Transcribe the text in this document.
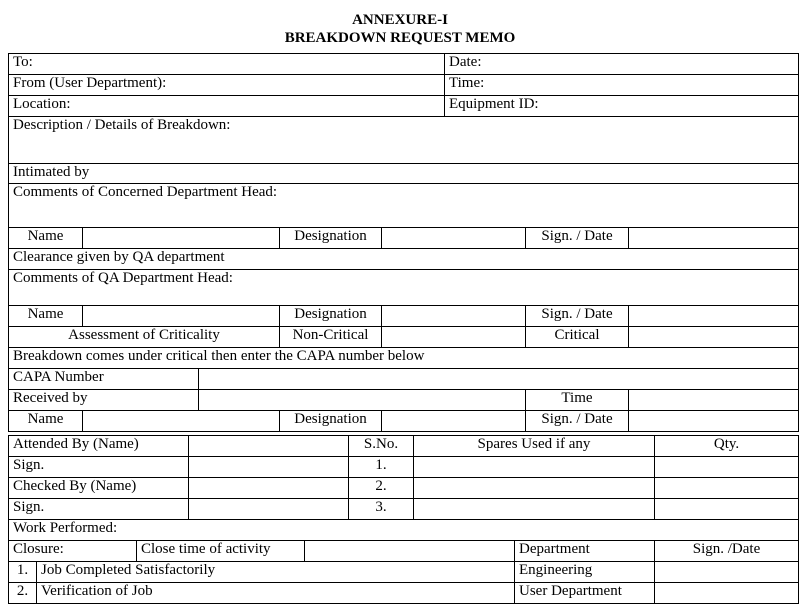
ANNEXURE-I
BREAKDOWN REQUEST MEMO
To:	Date:
From (User Department):	Time:
Location:	Equipment ID:
Description / Details of Breakdown:						
Intimated by						
Comments of Concerned Department Head:						
Name			Designation		Sign. / Date	
Clearance given by QA department						
Comments of QA Department Head:						
Name			Designation		Sign. / Date	
Assessment of Criticality			Non-Critical		Critical	
Breakdown comes under critical then enter the CAPA number below						
CAPA Number						
Received by					Time	
Name			Designation		Sign. / Date	
Attended By (Name)		S.No.	Spares Used if any	Qty.
Sign.		1.		
Checked By (Name)		2.		
Sign.		3.		
Work Performed:				
Closure:		Close time of activity		Department	Sign. /Date
1.	Job Completed Satisfactorily			Engineering	
2.	Verification of Job			User Department	
